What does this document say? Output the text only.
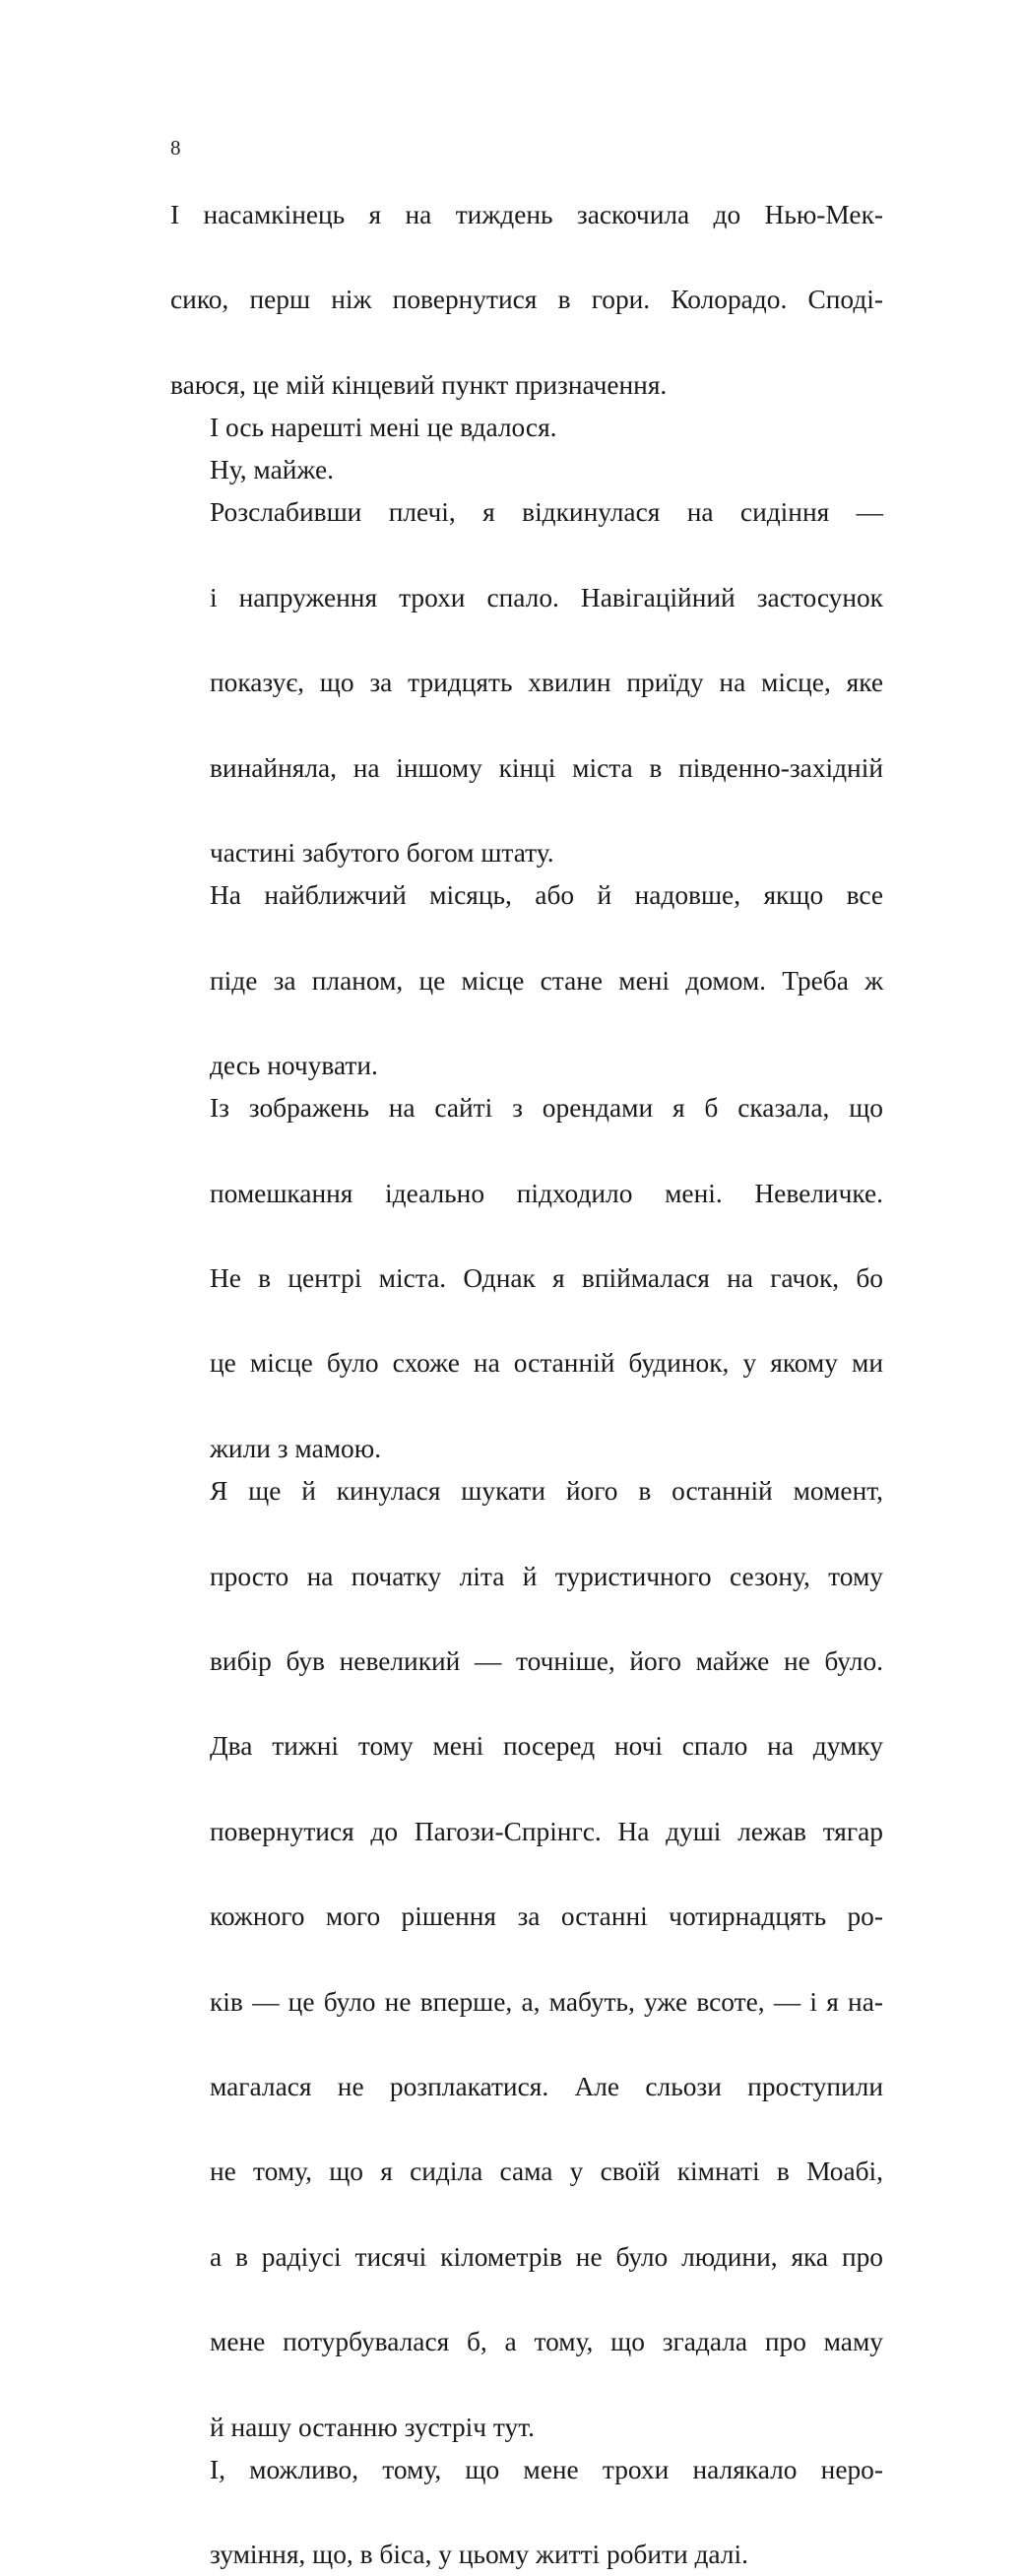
8

І насамкінець я на тиждень заскочила до Нью-Мек-
сико, перш ніж повернутися в гори. Колорадо. Споді-
ваюся, це мій кінцевий пункт призначення.

І ось нарешті мені це вдалося.

Ну, майже.

Розслабивши плечі, я відкинулася на сидіння —
і напруження трохи спало. Навігаційний застосунок
показує, що за тридцять хвилин приїду на місце, яке
винайняла, на іншому кінці міста в південно-західній
частині забутого богом штату.

На найближчий місяць, або й надовше, якщо все
піде за планом, це місце стане мені домом. Треба ж
десь ночувати.

Із зображень на сайті з орендами я б сказала, що
помешкання ідеально підходило мені. Невеличке.
Не в центрі міста. Однак я впіймалася на гачок, бо
це місце було схоже на останній будинок, у якому ми
жили з мамою.

Я ще й кинулася шукати його в останній момент,
просто на початку літа й туристичного сезону, тому
вибір був невеликий — точніше, його майже не було.
Два тижні тому мені посеред ночі спало на думку
повернутися до Пагози-Спрінгс. На душі лежав тягар
кожного мого рішення за останні чотирнадцять ро-
ків — це було не вперше, а, мабуть, уже всоте, — і я на-
магалася не розплакатися. Але сльози проступили
не тому, що я сиділа сама у своїй кімнаті в Моабі,
а в радіусі тисячі кілометрів не було людини, яка про
мене потурбувалася б, а тому, що згадала про маму
й нашу останню зустріч тут.

І, можливо, тому, що мене трохи налякало неро-
зуміння, що, в біса, у цьому житті робити далі.
